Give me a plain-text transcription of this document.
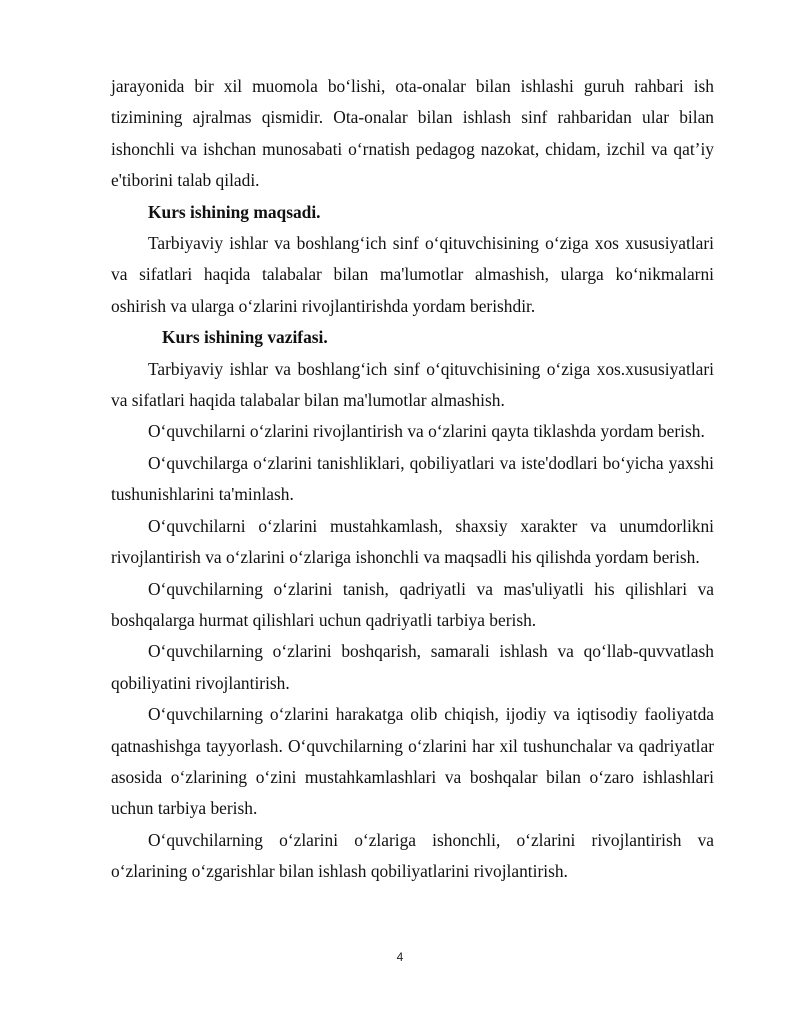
jarayonida bir xil muomola bo‘lishi, ota-onalar bilan ishlashi guruh rahbari ish tizimining ajralmas qismidir. Ota-onalar bilan ishlash sinf rahbaridan ular bilan ishonchli va ishchan munosabati o‘rnatish pedagog nazokat, chidam, izchil va qat’iy e'tiborini talab qiladi.

Kurs ishining maqsadi.

Tarbiyaviy ishlar va boshlang‘ich sinf o‘qituvchisining o‘ziga xos xususiyatlari va sifatlari haqida talabalar bilan ma'lumotlar almashish, ularga ko‘nikmalarni oshirish va ularga o‘zlarini rivojlantirishda yordam berishdir.

Kurs ishining vazifasi.

Tarbiyaviy ishlar va boshlang‘ich sinf o‘qituvchisining o‘ziga xos.xususiyatlari va sifatlari haqida talabalar bilan ma'lumotlar almashish.

O‘quvchilarni o‘zlarini rivojlantirish va o‘zlarini qayta tiklashda yordam berish.

O‘quvchilarga o‘zlarini tanishliklari, qobiliyatlari va iste'dodlari bo‘yicha yaxshi tushunishlarini ta'minlash.

O‘quvchilarni o‘zlarini mustahkamlash, shaxsiy xarakter va unumdorlikni rivojlantirish va o‘zlarini o‘zlariga ishonchli va maqsadli his qilishda yordam berish.

O‘quvchilarning o‘zlarini tanish, qadriyatli va mas'uliyatli his qilishlari va boshqalarga hurmat qilishlari uchun qadriyatli tarbiya berish.

O‘quvchilarning o‘zlarini boshqarish, samarali ishlash va qo‘llab-quvvatlash qobiliyatini rivojlantirish.

O‘quvchilarning o‘zlarini harakatga olib chiqish, ijodiy va iqtisodiy faoliyatda qatnashishga tayyorlash. O‘quvchilarning o‘zlarini har xil tushunchalar va qadriyatlar asosida o‘zlarining o‘zini mustahkamlashlari va boshqalar bilan o‘zaro ishlashlari uchun tarbiya berish.

O‘quvchilarning o‘zlarini o‘zlariga ishonchli, o‘zlarini rivojlantirish va o‘zlarining o‘zgarishlar bilan ishlash qobiliyatlarini rivojlantirish.

4
